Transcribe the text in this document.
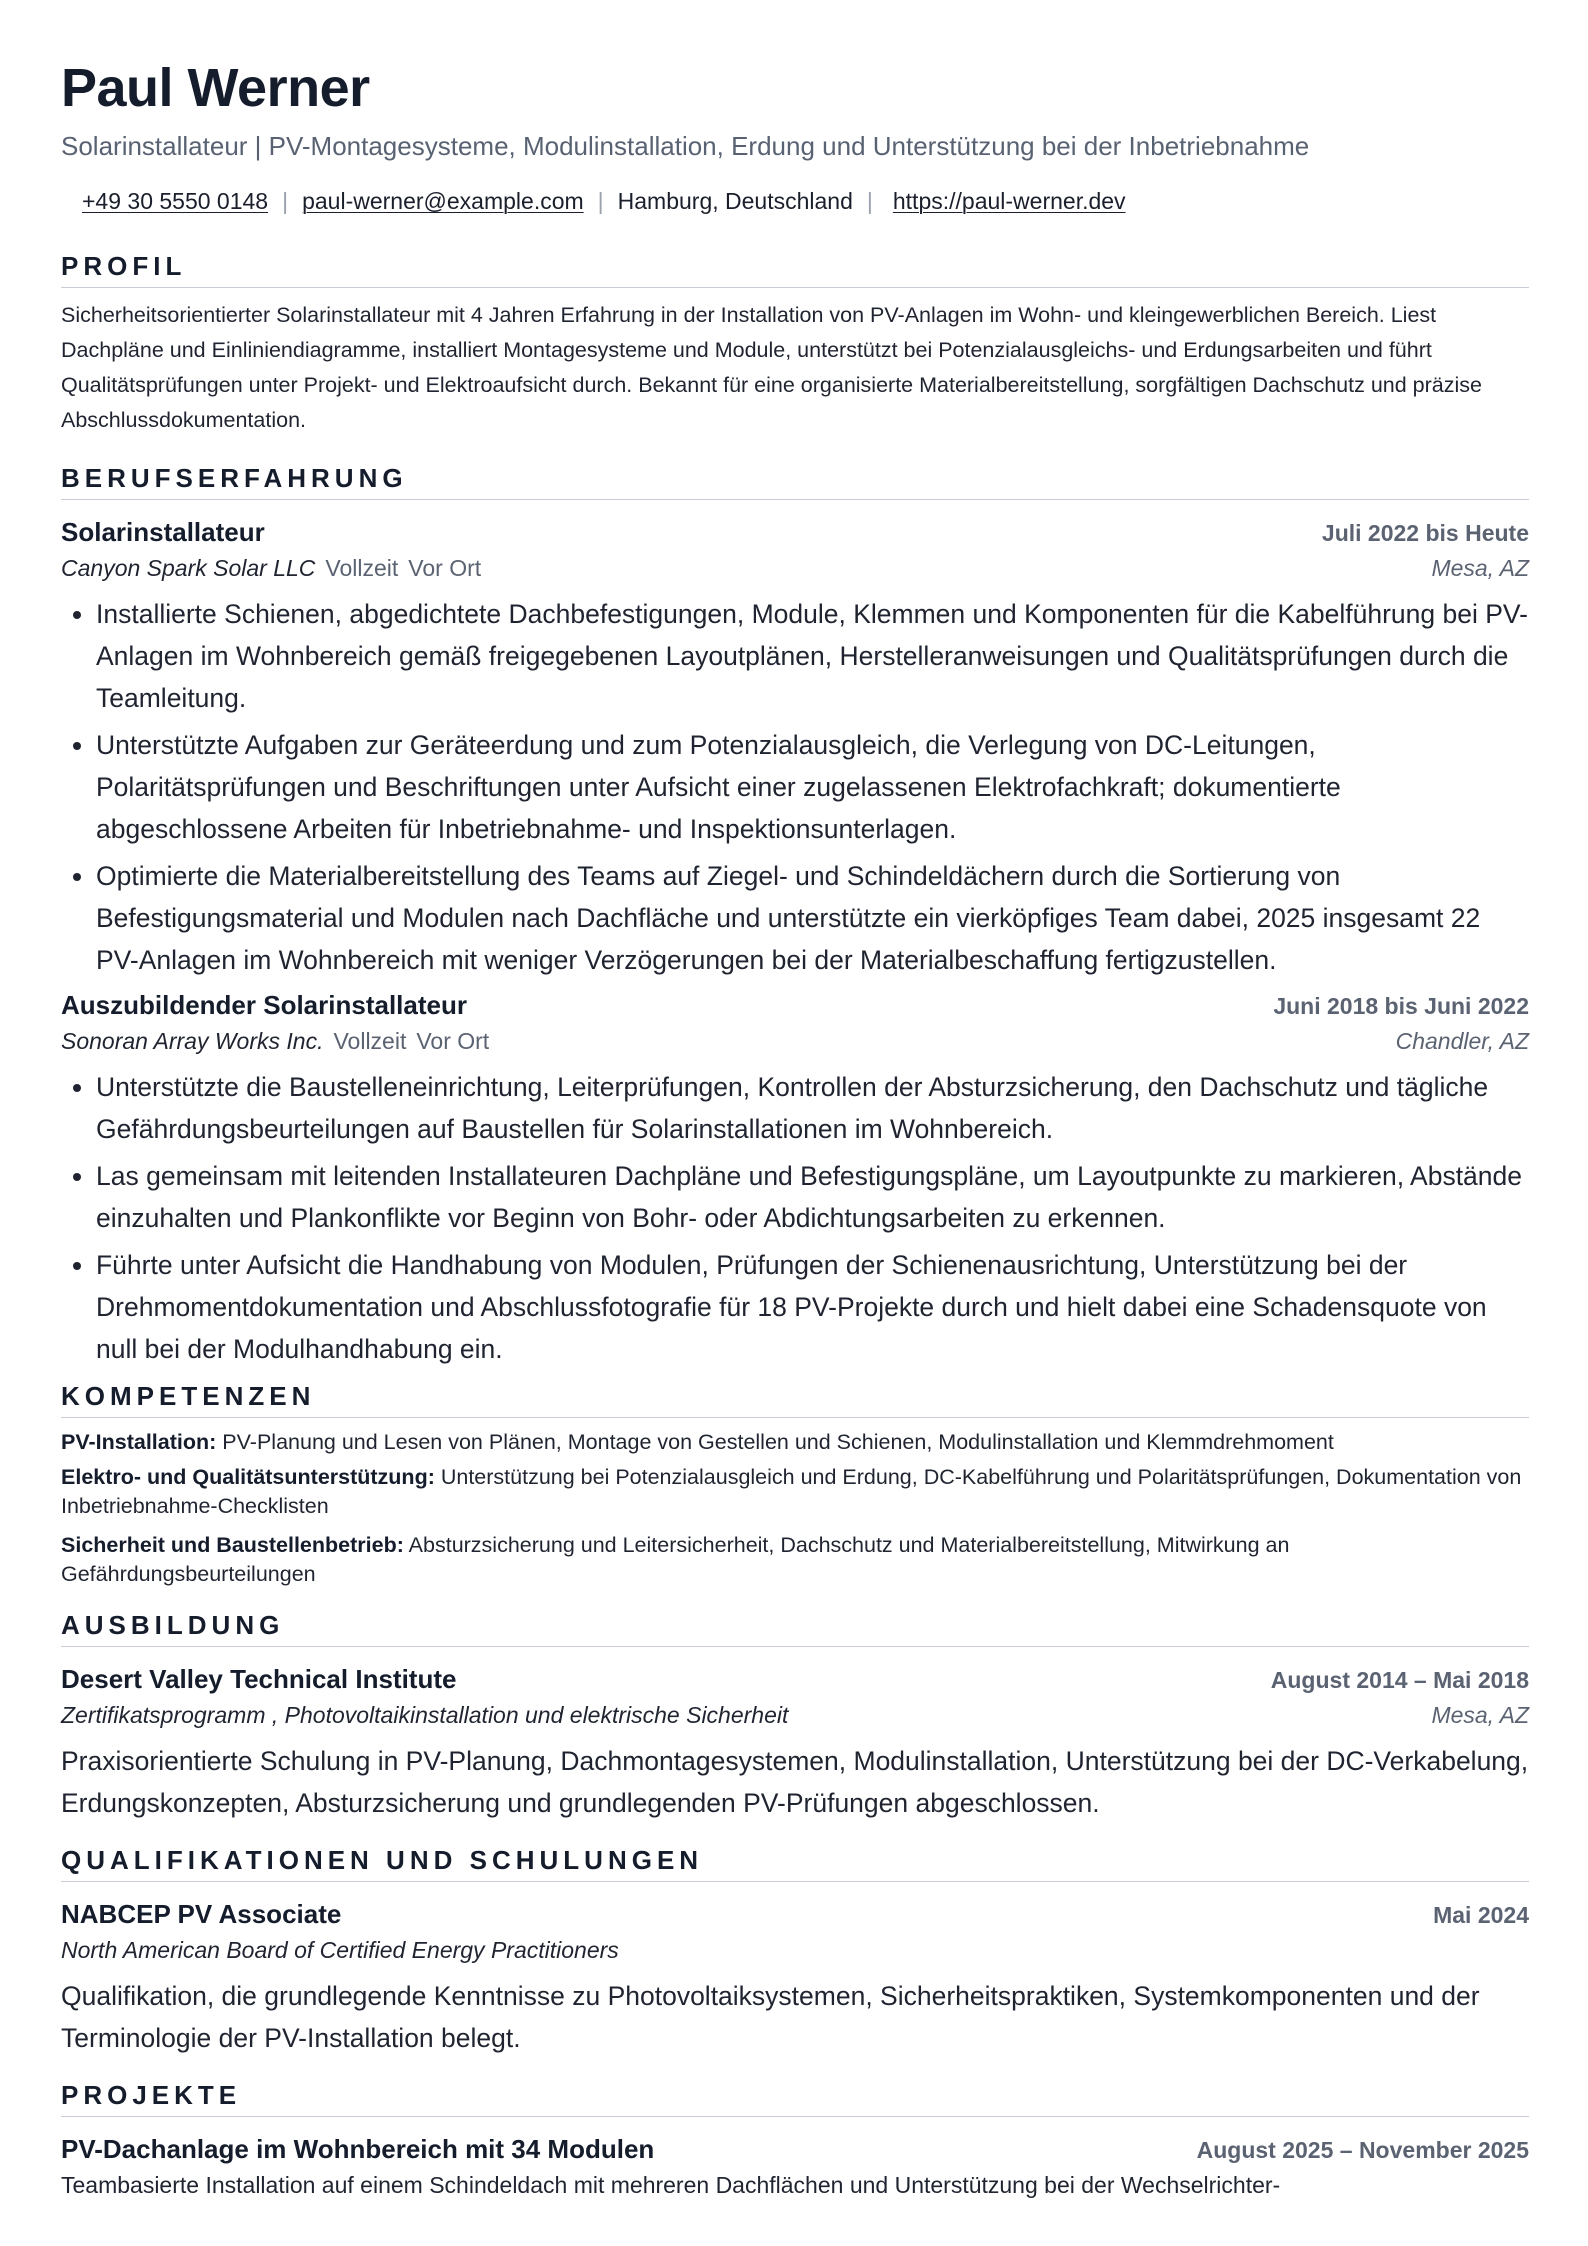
Paul Werner
Solarinstallateur | PV-Montagesysteme, Modulinstallation, Erdung und Unterstützung bei der Inbetriebnahme
+49 30 5550 0148 | paul-werner@example.com | Hamburg, Deutschland | https://paul-werner.dev
PROFIL
Sicherheitsorientierter Solarinstallateur mit 4 Jahren Erfahrung in der Installation von PV-Anlagen im Wohn- und kleingewerblichen Bereich. Liest Dachpläne und Einliniendiagramme, installiert Montagesysteme und Module, unterstützt bei Potenzialausgleichs- und Erdungsarbeiten und führt Qualitätsprüfungen unter Projekt- und Elektroaufsicht durch. Bekannt für eine organisierte Materialbereitstellung, sorgfältigen Dachschutz und präzise Abschlussdokumentation.
BERUFSERFAHRUNG
Solarinstallateur	Juli 2022 bis Heute
Canyon Spark Solar LLC Vollzeit Vor Ort	Mesa, AZ
• Installierte Schienen, abgedichtete Dachbefestigungen, Module, Klemmen und Komponenten für die Kabelführung bei PV-Anlagen im Wohnbereich gemäß freigegebenen Layoutplänen, Herstelleranweisungen und Qualitätsprüfungen durch die Teamleitung.
• Unterstützte Aufgaben zur Geräteerdung und zum Potenzialausgleich, die Verlegung von DC-Leitungen, Polaritätsprüfungen und Beschriftungen unter Aufsicht einer zugelassenen Elektrofachkraft; dokumentierte abgeschlossene Arbeiten für Inbetriebnahme- und Inspektionsunterlagen.
• Optimierte die Materialbereitstellung des Teams auf Ziegel- und Schindeldächern durch die Sortierung von Befestigungsmaterial und Modulen nach Dachfläche und unterstützte ein vierköpfiges Team dabei, 2025 insgesamt 22 PV-Anlagen im Wohnbereich mit weniger Verzögerungen bei der Materialbeschaffung fertigzustellen.
Auszubildender Solarinstallateur	Juni 2018 bis Juni 2022
Sonoran Array Works Inc. Vollzeit Vor Ort	Chandler, AZ
• Unterstützte die Baustelleneinrichtung, Leiterprüfungen, Kontrollen der Absturzsicherung, den Dachschutz und tägliche Gefährdungsbeurteilungen auf Baustellen für Solarinstallationen im Wohnbereich.
• Las gemeinsam mit leitenden Installateuren Dachpläne und Befestigungspläne, um Layoutpunkte zu markieren, Abstände einzuhalten und Plankonflikte vor Beginn von Bohr- oder Abdichtungsarbeiten zu erkennen.
• Führte unter Aufsicht die Handhabung von Modulen, Prüfungen der Schienenausrichtung, Unterstützung bei der Drehmomentdokumentation und Abschlussfotografie für 18 PV-Projekte durch und hielt dabei eine Schadensquote von null bei der Modulhandhabung ein.
KOMPETENZEN
PV-Installation: PV-Planung und Lesen von Plänen, Montage von Gestellen und Schienen, Modulinstallation und Klemmdrehmoment
Elektro- und Qualitätsunterstützung: Unterstützung bei Potenzialausgleich und Erdung, DC-Kabelführung und Polaritätsprüfungen, Dokumentation von Inbetriebnahme-Checklisten
Sicherheit und Baustellenbetrieb: Absturzsicherung und Leitersicherheit, Dachschutz und Materialbereitstellung, Mitwirkung an Gefährdungsbeurteilungen
AUSBILDUNG
Desert Valley Technical Institute	August 2014 – Mai 2018
Zertifikatsprogramm , Photovoltaikinstallation und elektrische Sicherheit	Mesa, AZ
Praxisorientierte Schulung in PV-Planung, Dachmontagesystemen, Modulinstallation, Unterstützung bei der DC-Verkabelung, Erdungskonzepten, Absturzsicherung und grundlegenden PV-Prüfungen abgeschlossen.
QUALIFIKATIONEN UND SCHULUNGEN
NABCEP PV Associate	Mai 2024
North American Board of Certified Energy Practitioners
Qualifikation, die grundlegende Kenntnisse zu Photovoltaiksystemen, Sicherheitspraktiken, Systemkomponenten und der Terminologie der PV-Installation belegt.
PROJEKTE
PV-Dachanlage im Wohnbereich mit 34 Modulen	August 2025 – November 2025
Teambasierte Installation auf einem Schindeldach mit mehreren Dachflächen und Unterstützung bei der Wechselrichter-
